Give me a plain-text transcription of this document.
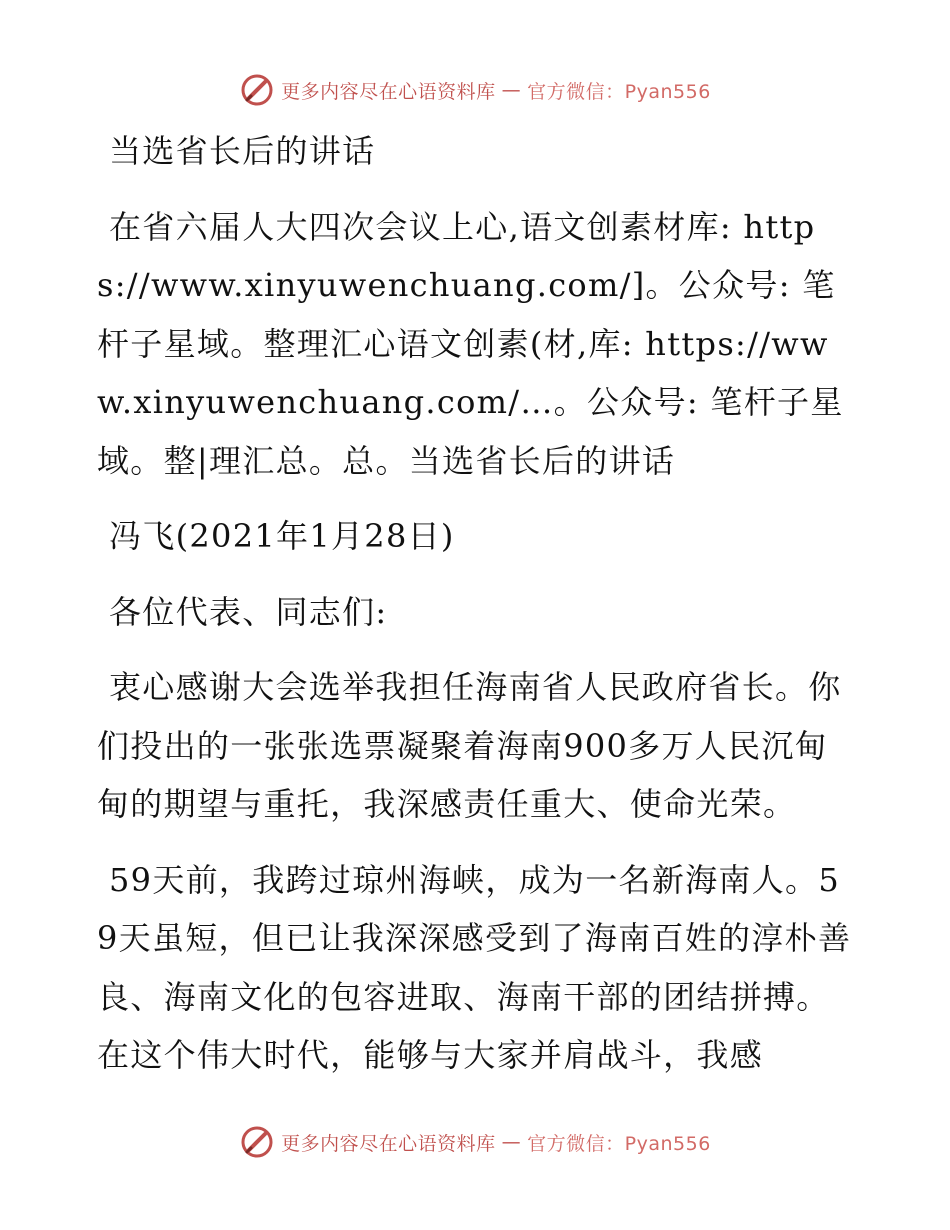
更多内容尽在心语资料库 — 官方微信：Pyan556

当选省长后的讲话

在省六届人大四次会议上心,语文创素材库: https://www.xinyuwenchuang.com/]。公众号: 笔杆子星域。整理汇心语文创素(材,库: https://www.xinyuwenchuang.com/…。公众号: 笔杆子星域。整|理汇总。总。当选省长后的讲话

冯飞(2021年1月28日)

各位代表、同志们:

衷心感谢大会选举我担任海南省人民政府省长。你们投出的一张张选票凝聚着海南900多万人民沉甸甸的期望与重托，我深感责任重大、使命光荣。

59天前，我跨过琼州海峡，成为一名新海南人。59天虽短，但已让我深深感受到了海南百姓的淳朴善良、海南文化的包容进取、海南干部的团结拼搏。在这个伟大时代，能够与大家并肩战斗，我感

更多内容尽在心语资料库 — 官方微信：Pyan556
